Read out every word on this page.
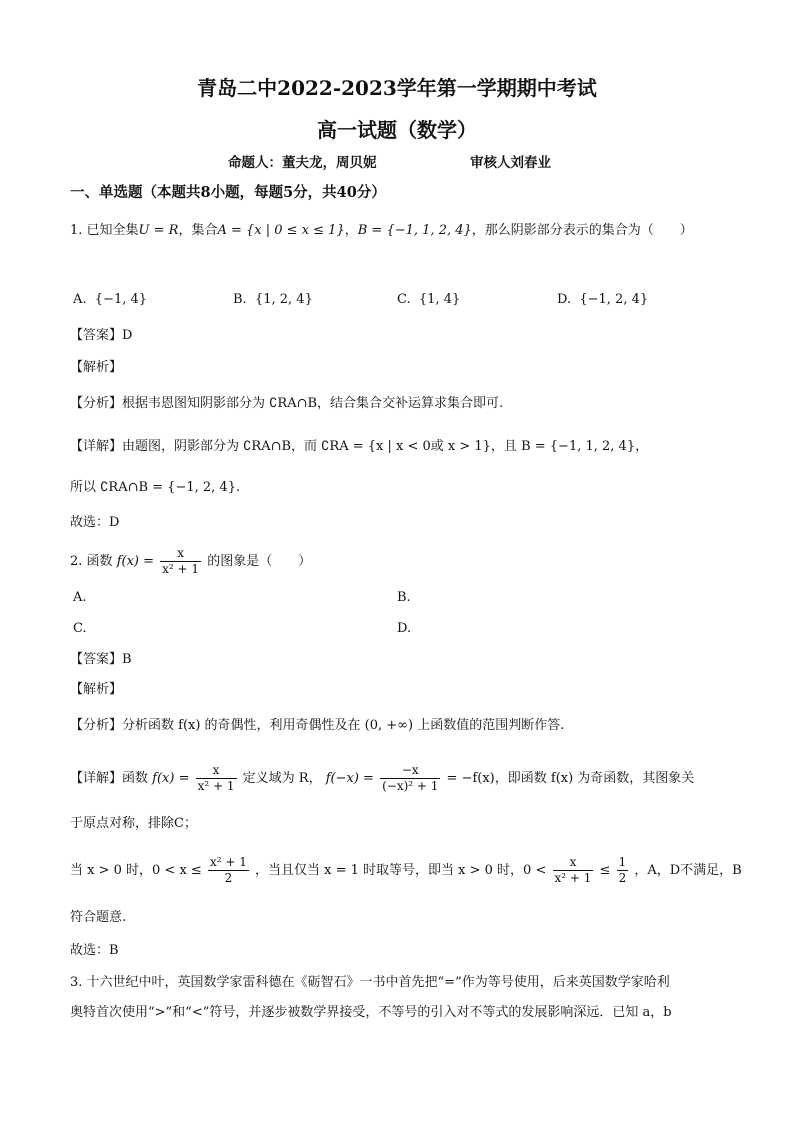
青岛二中2022-2023学年第一学期期中考试
高一试题（数学）
命题人：董夫龙，周贝妮	审核人刘春业
一、单选题（本题共8小题，每题5分，共40分）
1. 已知全集U = R，集合A = {x | 0 ≤ x ≤ 1}，B = {−1, 1, 2, 4}，那么阴影部分表示的集合为（　　）
A. {−1, 4}	B. {1, 2, 4}	C. {1, 4}	D. {−1, 2, 4}
【答案】D
【解析】
【分析】根据韦恩图知阴影部分为 ∁RA∩B，结合集合交补运算求集合即可.
【详解】由题图，阴影部分为 ∁RA∩B，而 ∁RA = {x | x < 0或 x > 1}，且 B = {−1, 1, 2, 4}，
所以 ∁RA∩B = {−1, 2, 4}.
故选：D
2. 函数 $f(x) = \frac{x}{\text{x² + 1}}$ 的图象是（　　）
A.	B.
C.	D.
【答案】B
【解析】
【分析】分析函数 f(x) 的奇偶性，利用奇偶性及在 (0, +∞) 上函数值的范围判断作答.
【详解】函数 $f(x) = \frac{x}{\text{x² + 1}}$ 定义域为 R， $f(-x) = \frac{-x}{\text{(−x)² + 1}} = -f(x)$，即函数 f(x) 为奇函数，其图象关
于原点对称，排除C；
当 x > 0 时，$0 < x \le \frac{\text{x² + 1}}{2}$ ，当且仅当 x = 1 时取等号，即当 x > 0 时，$0 < \frac{x}{\text{x² + 1}} \le \frac{1}{2}$ ，A，D不满足，B
符合题意.
故选：B
3. 十六世纪中叶，英国数学家雷科德在《砺智石》一书中首先把“=”作为等号使用，后来英国数学家哈利
奥特首次使用“>”和“<”符号，并逐步被数学界接受，不等号的引入对不等式的发展影响深远．已知 a，b
